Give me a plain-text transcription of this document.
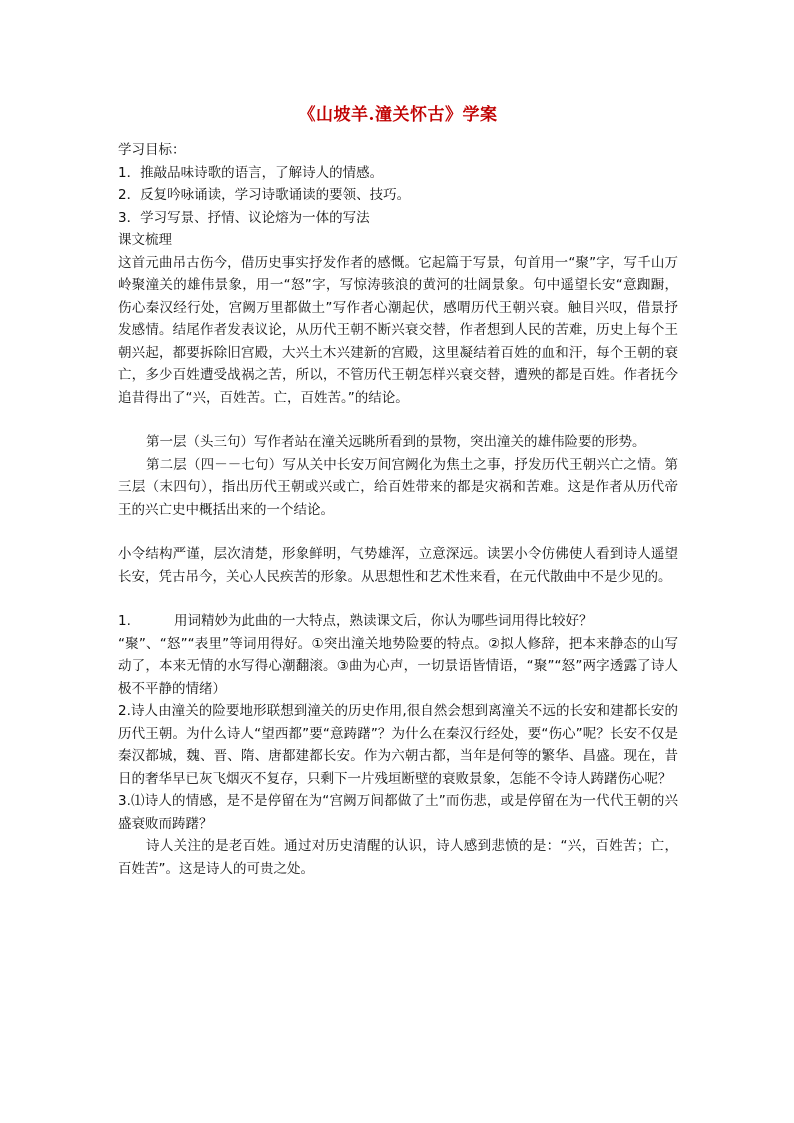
《山坡羊.潼关怀古》学案

学习目标：

1．推敲品味诗歌的语言，了解诗人的情感。

2．反复吟咏诵读，学习诗歌诵读的要领、技巧。

3．学习写景、抒情、议论熔为一体的写法

课文梳理

这首元曲吊古伤今，借历史事实抒发作者的感慨。它起篇于写景，句首用一“聚”字，写千山万岭聚潼关的雄伟景象，用一“怒”字，写惊涛骇浪的黄河的壮阔景象。句中遥望长安“意踟蹰，伤心秦汉经行处，宫阙万里都做土”写作者心潮起伏，感喟历代王朝兴衰。触目兴叹，借景抒发感情。结尾作者发表议论，从历代王朝不断兴衰交替，作者想到人民的苦难，历史上每个王朝兴起，都要拆除旧宫殿，大兴土木兴建新的宫殿，这里凝结着百姓的血和汗，每个王朝的衰亡，多少百姓遭受战祸之苦，所以，不管历代王朝怎样兴衰交替，遭殃的都是百姓。作者抚今追昔得出了“兴，百姓苦。亡，百姓苦。”的结论。

第一层（头三句）写作者站在潼关远眺所看到的景物，突出潼关的雄伟险要的形势。

第二层（四－－七句）写从关中长安万间宫阙化为焦土之事，抒发历代王朝兴亡之情。第三层（末四句），指出历代王朝或兴或亡，给百姓带来的都是灾祸和苦难。这是作者从历代帝王的兴亡史中概括出来的一个结论。

小令结构严谨，层次清楚，形象鲜明，气势雄浑，立意深远。读罢小令仿佛使人看到诗人遥望长安，凭古吊今，关心人民疾苦的形象。从思想性和艺术性来看，在元代散曲中不是少见的。

1.	用词精妙为此曲的一大特点，熟读课文后，你认为哪些词用得比较好？

“聚”、“怒”“表里”等词用得好。①突出潼关地势险要的特点。②拟人修辞，把本来静态的山写动了，本来无情的水写得心潮翻滚。③曲为心声，一切景语皆情语，“聚”“怒”两字透露了诗人极不平静的情绪）

2.诗人由潼关的险要地形联想到潼关的历史作用,很自然会想到离潼关不远的长安和建都长安的历代王朝。为什么诗人“望西都”要“意踌躇”？为什么在秦汉行经处，要“伤心”呢？长安不仅是秦汉都城，魏、晋、隋、唐都建都长安。作为六朝古都，当年是何等的繁华、昌盛。现在，昔日的奢华早已灰飞烟灭不复存，只剩下一片残垣断壁的衰败景象，怎能不令诗人踌躇伤心呢？

3.⑴诗人的情感，是不是停留在为“宫阙万间都做了土”而伤悲，或是停留在为一代代王朝的兴盛衰败而踌躇？

诗人关注的是老百姓。通过对历史清醒的认识，诗人感到悲愤的是：“兴，百姓苦；亡，百姓苦”。这是诗人的可贵之处。
